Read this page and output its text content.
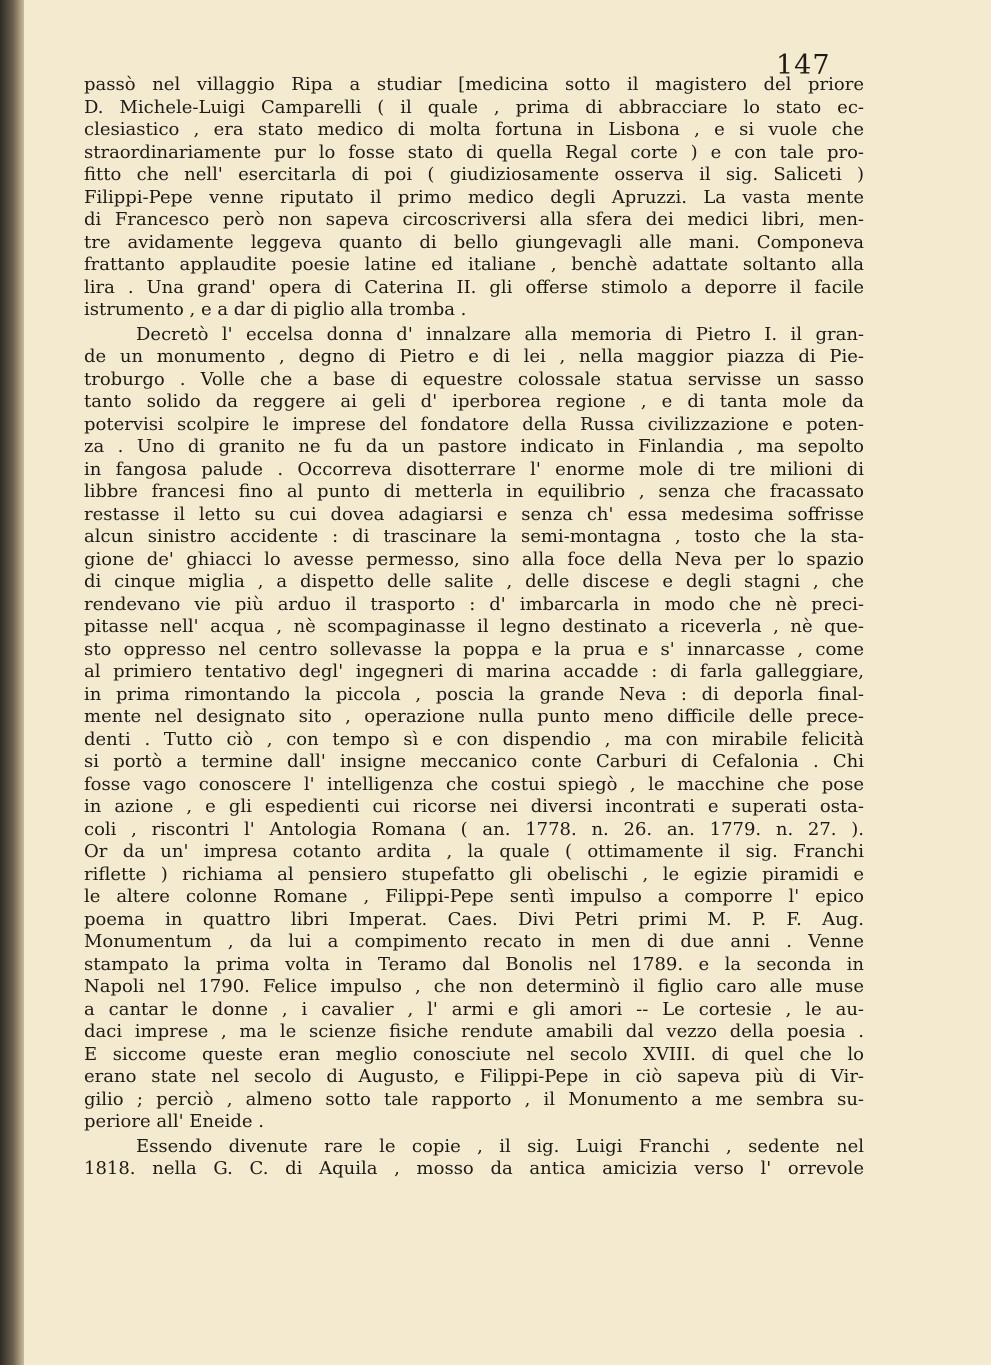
147
passò nel villaggio Ripa a studiar [medicina sotto il magistero del priore
D. Michele-Luigi Camparelli ( il quale , prima di abbracciare lo stato ec-
clesiastico , era stato medico di molta fortuna in Lisbona , e si vuole che
straordinariamente pur lo fosse stato di quella Regal corte ) e con tale pro-
fitto che nell' esercitarla di poi ( giudiziosamente osserva il sig. Saliceti )
Filippi-Pepe venne riputato il primo medico degli Apruzzi. La vasta mente
di Francesco però non sapeva circoscriversi alla sfera dei medici libri, men-
tre avidamente leggeva quanto di bello giungevagli alle mani. Componeva
frattanto applaudite poesie latine ed italiane , benchè adattate soltanto alla
lira . Una grand' opera di Caterina II. gli offerse stimolo a deporre il facile
istrumento , e a dar di piglio alla tromba .
Decretò l' eccelsa donna d' innalzare alla memoria di Pietro I. il gran-
de un monumento , degno di Pietro e di lei , nella maggior piazza di Pie-
troburgo . Volle che a base di equestre colossale statua servisse un sasso
tanto solido da reggere ai geli d' iperborea regione , e di tanta mole da
potervisi scolpire le imprese del fondatore della Russa civilizzazione e poten-
za . Uno di granito ne fu da un pastore indicato in Finlandia , ma sepolto
in fangosa palude . Occorreva disotterrare l' enorme mole di tre milioni di
libbre francesi fino al punto di metterla in equilibrio , senza che fracassato
restasse il letto su cui dovea adagiarsi e senza ch' essa medesima soffrisse
alcun sinistro accidente : di trascinare la semi-montagna , tosto che la sta-
gione de' ghiacci lo avesse permesso, sino alla foce della Neva per lo spazio
di cinque miglia , a dispetto delle salite , delle discese e degli stagni , che
rendevano vie più arduo il trasporto : d' imbarcarla in modo che nè preci-
pitasse nell' acqua , nè scompaginasse il legno destinato a riceverla , nè que-
sto oppresso nel centro sollevasse la poppa e la prua e s' innarcasse , come
al primiero tentativo degl' ingegneri di marina accadde : di farla galleggiare,
in prima rimontando la piccola , poscia la grande Neva : di deporla final-
mente nel designato sito , operazione nulla punto meno difficile delle prece-
denti . Tutto ciò , con tempo sì e con dispendio , ma con mirabile felicità
si portò a termine dall' insigne meccanico conte Carburi di Cefalonia . Chi
fosse vago conoscere l' intelligenza che costui spiegò , le macchine che pose
in azione , e gli espedienti cui ricorse nei diversi incontrati e superati osta-
coli , riscontri l' Antologia Romana ( an. 1778. n. 26. an. 1779. n. 27. ).
Or da un' impresa cotanto ardita , la quale ( ottimamente il sig. Franchi
riflette ) richiama al pensiero stupefatto gli obelischi , le egizie piramidi e
le altere colonne Romane , Filippi-Pepe sentì impulso a comporre l' epico
poema in quattro libri Imperat. Caes. Divi Petri primi M. P. F. Aug.
Monumentum , da lui a compimento recato in men di due anni . Venne
stampato la prima volta in Teramo dal Bonolis nel 1789. e la seconda in
Napoli nel 1790. Felice impulso , che non determinò il figlio caro alle muse
a cantar le donne , i cavalier , l' armi e gli amori -- Le cortesie , le au-
daci imprese , ma le scienze fisiche rendute amabili dal vezzo della poesia .
E siccome queste eran meglio conosciute nel secolo XVIII. di quel che lo
erano state nel secolo di Augusto, e Filippi-Pepe in ciò sapeva più di Vir-
gilio ; perciò , almeno sotto tale rapporto , il Monumento a me sembra su-
periore all' Eneide .
Essendo divenute rare le copie , il sig. Luigi Franchi , sedente nel
1818. nella G. C. di Aquila , mosso da antica amicizia verso l' orrevole
